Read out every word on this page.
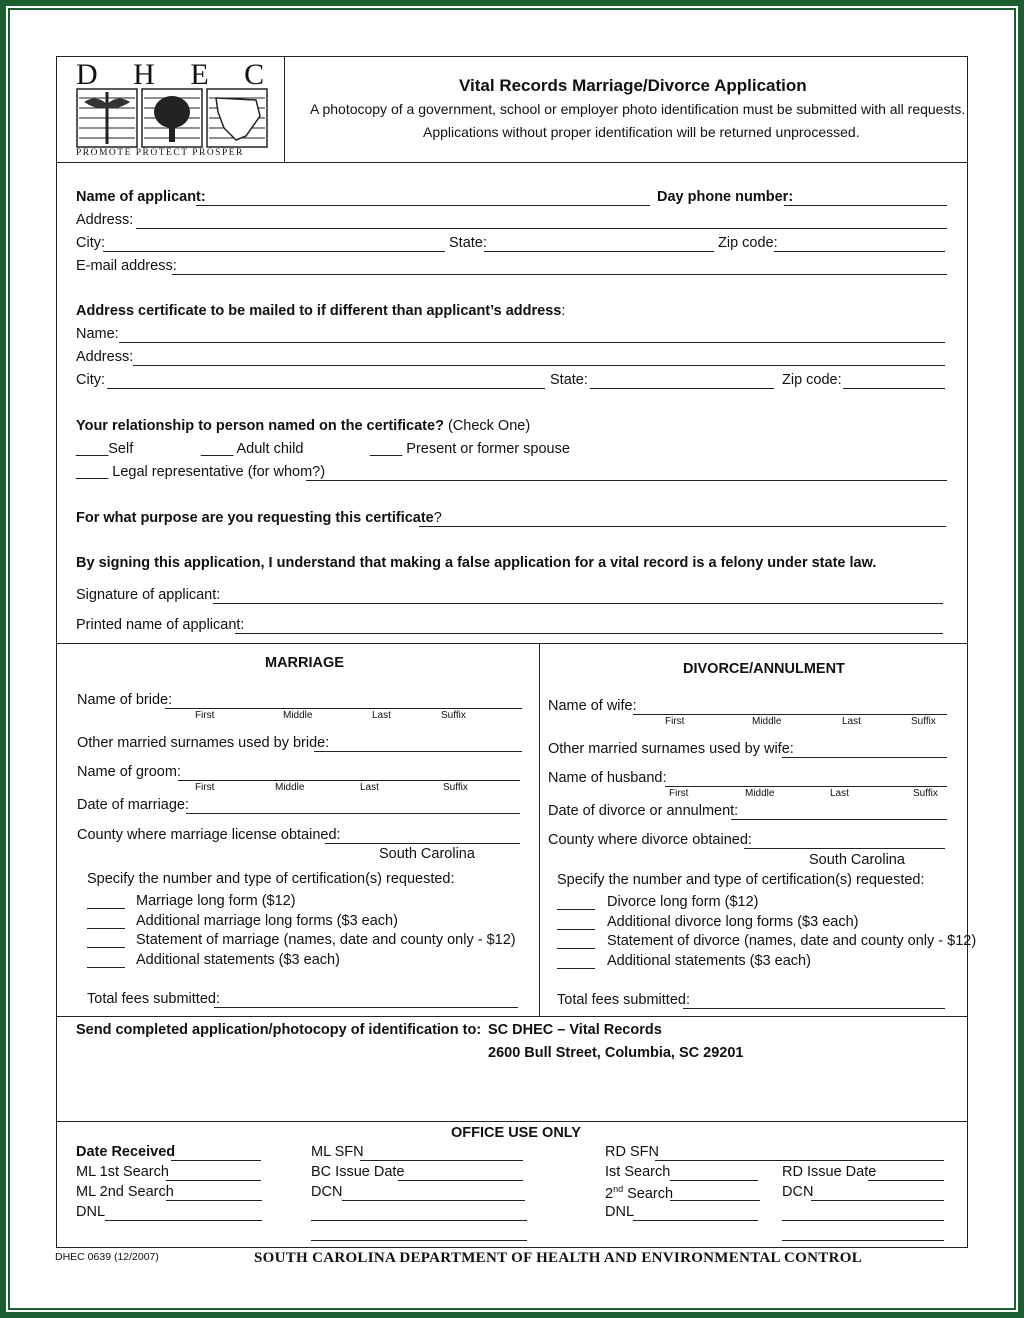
D H E C
PROMOTE PROTECT PROSPER
Vital Records Marriage/Divorce Application
A photocopy of a government, school or employer photo identification must be submitted with all requests.
Applications without proper identification will be returned unprocessed.
Name of applicant:	Day phone number:
Address:
City:	State:	Zip code:
E-mail address:
Address certificate to be mailed to if different than applicant’s address:
Name:
Address:
City:	State:	Zip code:
Your relationship to person named on the certificate? (Check One)
____Self	____ Adult child	____ Present or former spouse
____ Legal representative (for whom?)
For what purpose are you requesting this certificate?
By signing this application, I understand that making a false application for a vital record is a felony under state law.
Signature of applicant:
Printed name of applicant:
MARRIAGE
Name of bride:
First	Middle	Last	Suffix
Other married surnames used by bride:
Name of groom:
First	Middle	Last	Suffix
Date of marriage:
County where marriage license obtained:
South Carolina
Specify the number and type of certification(s) requested:
Marriage long form ($12)
Additional marriage long forms ($3 each)
Statement of marriage (names, date and county only - $12)
Additional statements ($3 each)
Total fees submitted:
DIVORCE/ANNULMENT
Name of wife:
First	Middle	Last	Suffix
Other married surnames used by wife:
Name of husband:
First	Middle	Last	Suffix
Date of divorce or annulment:
County where divorce obtained:
South Carolina
Specify the number and type of certification(s) requested:
Divorce long form ($12)
Additional divorce long forms ($3 each)
Statement of divorce (names, date and county only - $12)
Additional statements ($3 each)
Total fees submitted:
Send completed application/photocopy of identification to: SC DHEC – Vital Records
2600 Bull Street, Columbia, SC 29201
OFFICE USE ONLY
Date Received
ML 1st Search
ML 2nd Search
DNL
ML SFN
BC Issue Date
DCN
RD SFN
Ist Search
2nd Search
DNL
RD Issue Date
DCN
DHEC 0639 (12/2007)	SOUTH CAROLINA DEPARTMENT OF HEALTH AND ENVIRONMENTAL CONTROL
